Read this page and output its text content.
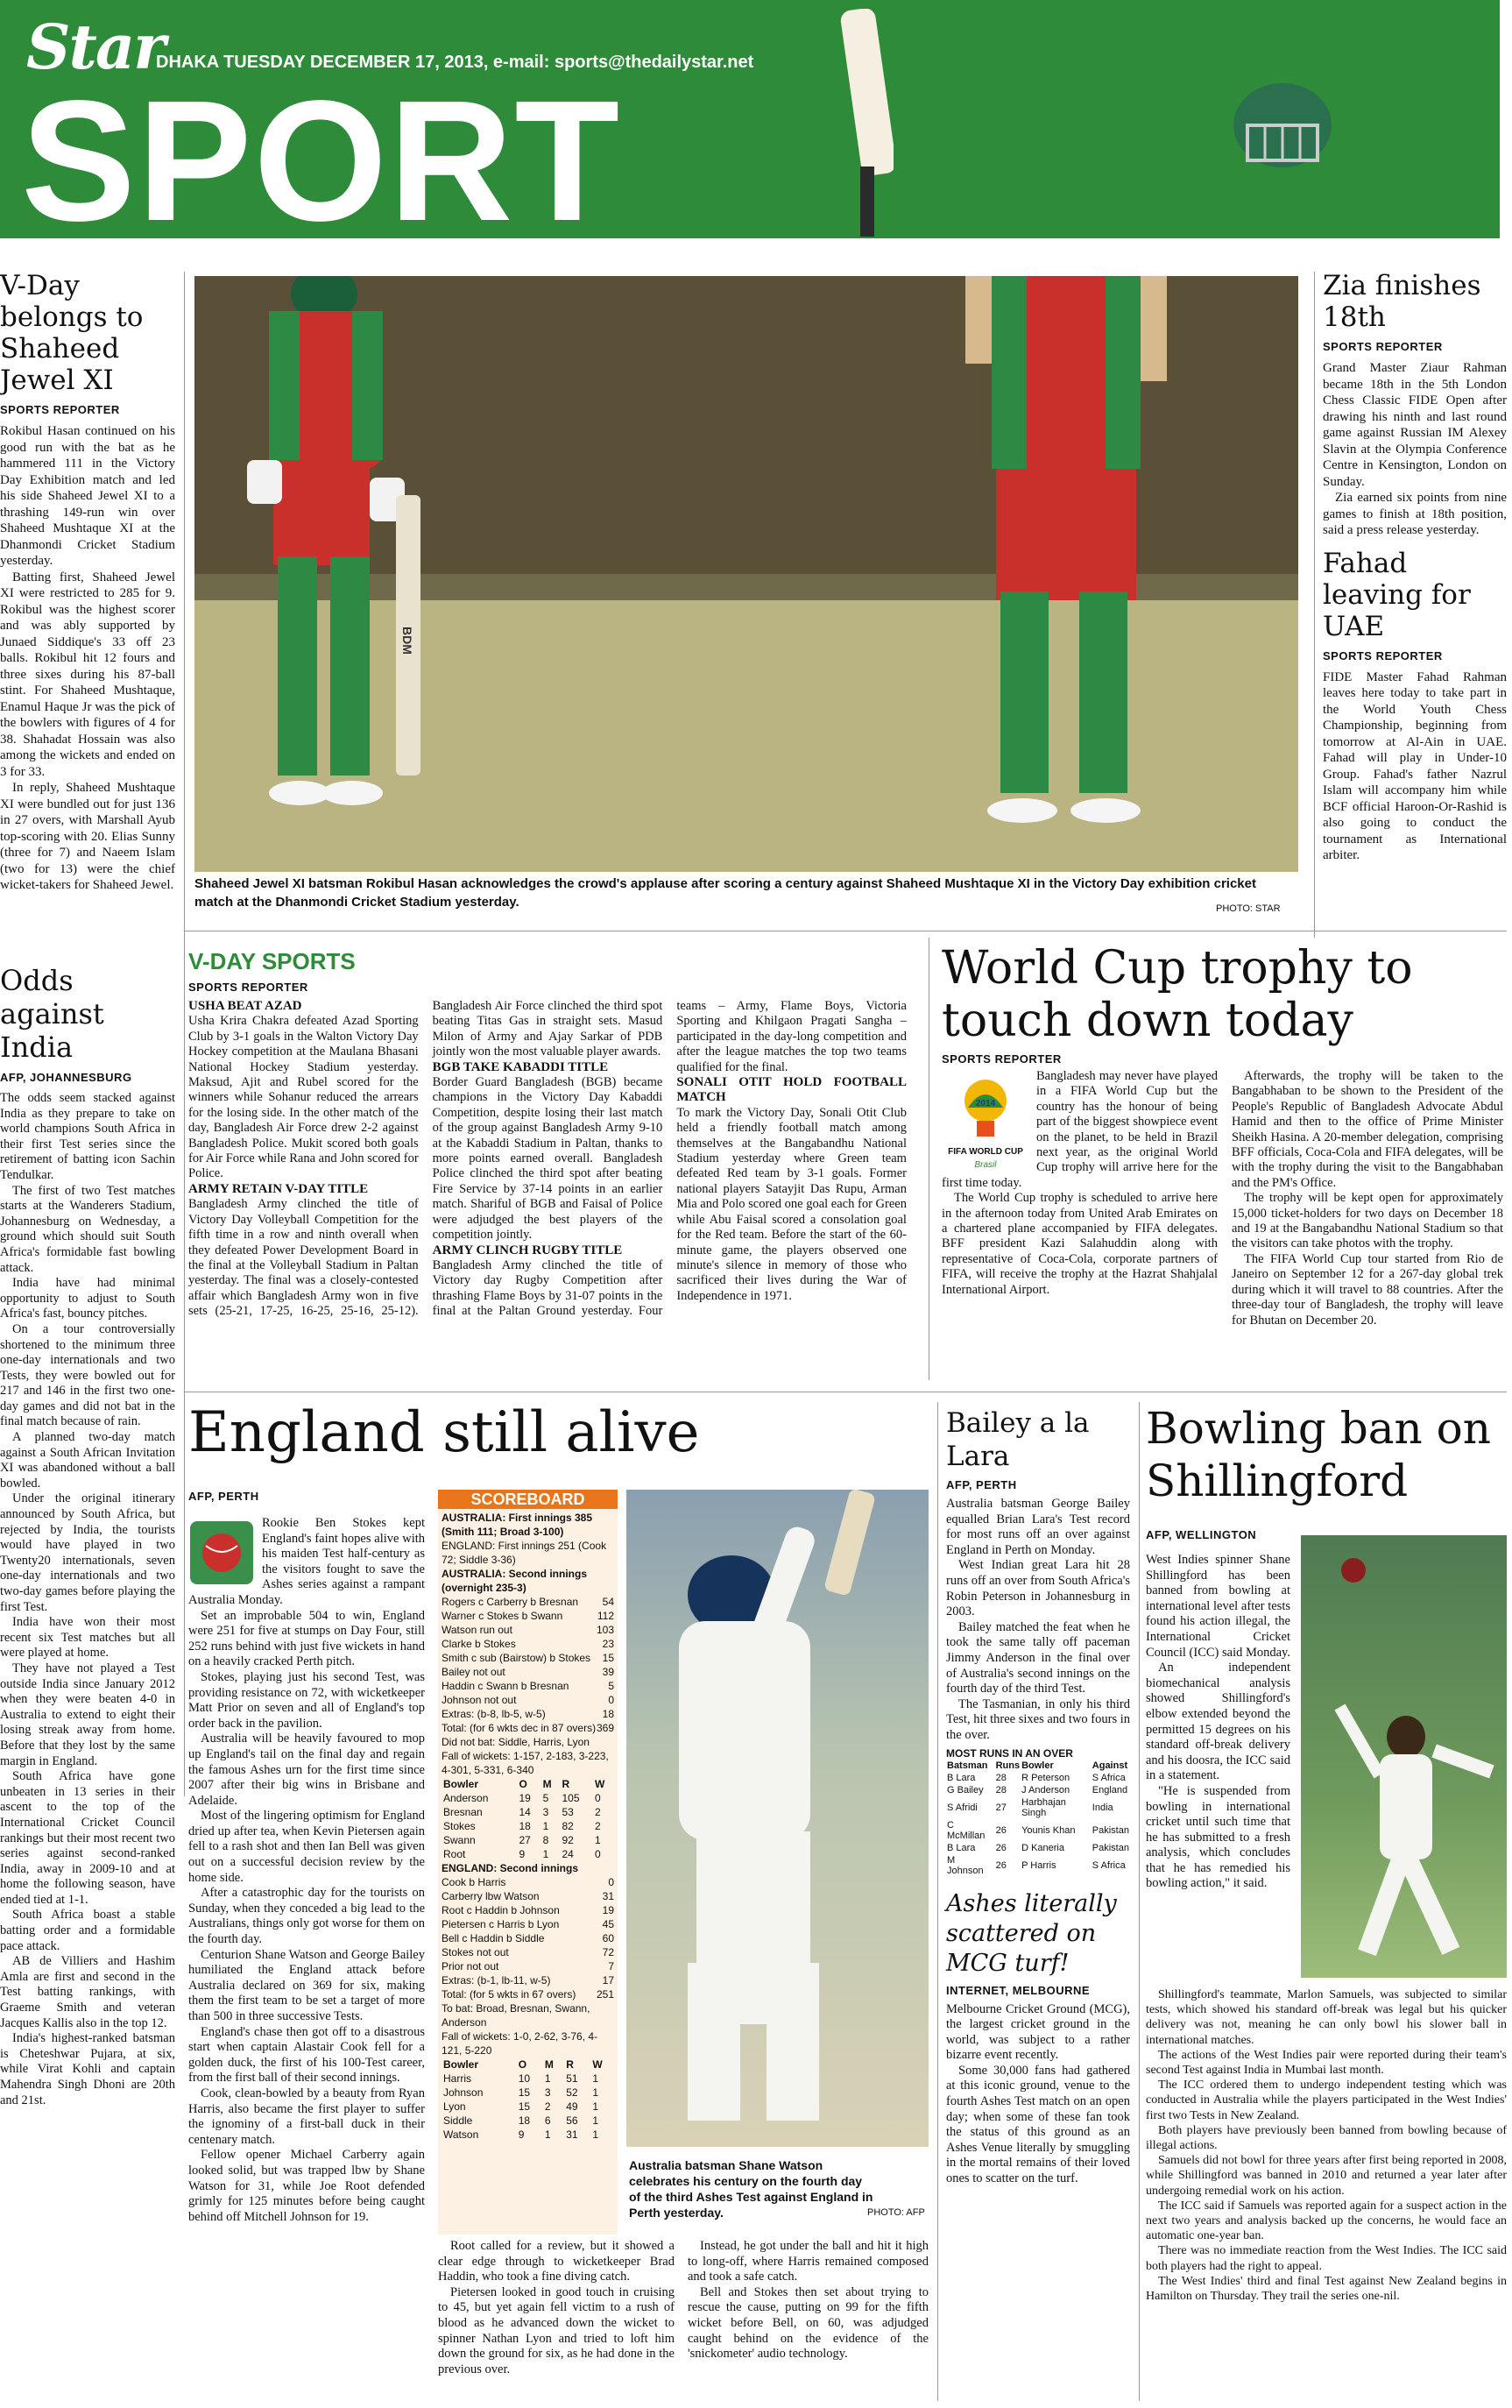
Star
DHAKA TUESDAY DECEMBER 17, 2013, e-mail: sports@thedailystar.net
SPORT
BDM
Shaheed Jewel XI batsman Rokibul Hasan acknowledges the crowd's applause after scoring a century against Shaheed Mushtaque XI in the Victory Day exhibition cricket match at the Dhanmondi Cricket Stadium yesterday.	PHOTO: STAR
V-Day belongs to Shaheed Jewel XI
SPORTS REPORTER

Rokibul Hasan continued on his good run with the bat as he hammered 111 in the Victory Day Exhibition match and led his side Shaheed Jewel XI to a thrashing 149-run win over Shaheed Mushtaque XI at the Dhanmondi Cricket Stadium yesterday.

Batting first, Shaheed Jewel XI were restricted to 285 for 9. Rokibul was the highest scorer and was ably supported by Junaed Siddique's 33 off 23 balls. Rokibul hit 12 fours and three sixes during his 87-ball stint. For Shaheed Mushtaque, Enamul Haque Jr was the pick of the bowlers with figures of 4 for 38. Shahadat Hossain was also among the wickets and ended on 3 for 33.

In reply, Shaheed Mushtaque XI were bundled out for just 136 in 27 overs, with Marshall Ayub top-scoring with 20. Elias Sunny (three for 7) and Naeem Islam (two for 13) were the chief wicket-takers for Shaheed Jewel.

Zia finishes 18th
SPORTS REPORTER

Grand Master Ziaur Rahman became 18th in the 5th London Chess Classic FIDE Open after drawing his ninth and last round game against Russian IM Alexey Slavin at the Olympia Conference Centre in Kensington, London on Sunday.

Zia earned six points from nine games to finish at 18th position, said a press release yesterday.

Fahad leaving for UAE
SPORTS REPORTER

FIDE Master Fahad Rahman leaves here today to take part in the World Youth Chess Championship, beginning from tomorrow at Al-Ain in UAE. Fahad will play in Under-10 Group. Fahad's father Nazrul Islam will accompany him while BCF official Haroon-Or-Rashid is also going to conduct the tournament as International arbiter.

Odds against India
AFP, JOHANNESBURG

The odds seem stacked against India as they prepare to take on world champions South Africa in their first Test series since the retirement of batting icon Sachin Tendulkar.

The first of two Test matches starts at the Wanderers Stadium, Johannesburg on Wednesday, a ground which should suit South Africa's formidable fast bowling attack.

India have had minimal opportunity to adjust to South Africa's fast, bouncy pitches.

On a tour controversially shortened to the minimum three one-day internationals and two Tests, they were bowled out for 217 and 146 in the first two one-day games and did not bat in the final match because of rain.

A planned two-day match against a South African Invitation XI was abandoned without a ball bowled.

Under the original itinerary announced by South Africa, but rejected by India, the tourists would have played in two Twenty20 internationals, seven one-day internationals and two two-day games before playing the first Test.

India have won their most recent six Test matches but all were played at home.

They have not played a Test outside India since January 2012 when they were beaten 4-0 in Australia to extend to eight their losing streak away from home. Before that they lost by the same margin in England.

South Africa have gone unbeaten in 13 series in their ascent to the top of the International Cricket Council rankings but their most recent two series against second-ranked India, away in 2009-10 and at home the following season, have ended tied at 1-1.

South Africa boast a stable batting order and a formidable pace attack.

AB de Villiers and Hashim Amla are first and second in the Test batting rankings, with Graeme Smith and veteran Jacques Kallis also in the top 12.

India's highest-ranked batsman is Cheteshwar Pujara, at six, while Virat Kohli and captain Mahendra Singh Dhoni are 20th and 21st.

V-DAY SPORTS
SPORTS REPORTER
USHA BEAT AZAD

Usha Krira Chakra defeated Azad Sporting Club by 3-1 goals in the Walton Victory Day Hockey competition at the Maulana Bhasani National Hockey Stadium yesterday. Maksud, Ajit and Rubel scored for the winners while Sohanur reduced the arrears for the losing side. In the other match of the day, Bangladesh Air Force drew 2-2 against Bangladesh Police. Mukit scored both goals for Air Force while Rana and John scored for Police.

ARMY RETAIN V-DAY TITLE

Bangladesh Army clinched the title of Victory Day Volleyball Competition for the fifth time in a row and ninth overall when they defeated Power Development Board in the final at the Volleyball Stadium in Paltan yesterday. The final was a closely-contested affair which Bangladesh Army won in five sets (25-21, 17-25, 16-25, 25-16, 25-12). Bangladesh Air Force clinched the third spot beating Titas Gas in straight sets. Masud Milon of Army and Ajay Sarkar of PDB jointly won the most valuable player awards.

BGB TAKE KABADDI TITLE

Border Guard Bangladesh (BGB) became champions in the Victory Day Kabaddi Competition, despite losing their last match of the group against Bangladesh Army 9-10 at the Kabaddi Stadium in Paltan, thanks to more points earned overall. Bangladesh Police clinched the third spot after beating Fire Service by 37-14 points in an earlier match. Shariful of BGB and Faisal of Police were adjudged the best players of the competition jointly.

ARMY CLINCH RUGBY TITLE

Bangladesh Army clinched the title of Victory day Rugby Competition after thrashing Flame Boys by 31-07 points in the final at the Paltan Ground yesterday. Four teams – Army, Flame Boys, Victoria Sporting and Khilgaon Pragati Sangha – participated in the day-long competition and after the league matches the top two teams qualified for the final.

SONALI OTIT HOLD FOOTBALL MATCH

To mark the Victory Day, Sonali Otit Club held a friendly football match among themselves at the Bangabandhu National Stadium yesterday where Green team defeated Red team by 3-1 goals. Former national players Satayjit Das Rupu, Arman Mia and Polo scored one goal each for Green while Abu Faisal scored a consolation goal for the Red team. Before the start of the 60-minute game, the players observed one minute's silence in memory of those who sacrificed their lives during the War of Independence in 1971.

World Cup trophy to touch down today
SPORTS REPORTER
2014
FIFA WORLD CUP
Brasil

Bangladesh may never have played in a FIFA World Cup but the country has the honour of being part of the biggest showpiece event on the planet, to be held in Brazil next year, as the original World Cup trophy will arrive here for the first time today.

The World Cup trophy is scheduled to arrive here in the afternoon today from United Arab Emirates on a chartered plane accompanied by FIFA delegates. BFF president Kazi Salahuddin along with representative of Coca-Cola, corporate partners of FIFA, will receive the trophy at the Hazrat Shahjalal International Airport.

Afterwards, the trophy will be taken to the Bangabhaban to be shown to the President of the People's Republic of Bangladesh Advocate Abdul Hamid and then to the office of Prime Minister Sheikh Hasina. A 20-member delegation, comprising BFF officials, Coca-Cola and FIFA delegates, will be with the trophy during the visit to the Bangabhaban and the PM's Office.

The trophy will be kept open for approximately 15,000 ticket-holders for two days on December 18 and 19 at the Bangabandhu National Stadium so that the visitors can take photos with the trophy.

The FIFA World Cup tour started from Rio de Janeiro on September 12 for a 267-day global trek during which it will travel to 88 countries. After the three-day tour of Bangladesh, the trophy will leave for Bhutan on December 20.

England still alive
AFP, PERTH

Rookie Ben Stokes kept England's faint hopes alive with his maiden Test half-century as the visitors fought to save the Ashes series against a rampant Australia Monday.

Set an improbable 504 to win, England were 251 for five at stumps on Day Four, still 252 runs behind with just five wickets in hand on a heavily cracked Perth pitch.

Stokes, playing just his second Test, was providing resistance on 72, with wicketkeeper Matt Prior on seven and all of England's top order back in the pavilion.

Australia will be heavily favoured to mop up England's tail on the final day and regain the famous Ashes urn for the first time since 2007 after their big wins in Brisbane and Adelaide.

Most of the lingering optimism for England dried up after tea, when Kevin Pietersen again fell to a rash shot and then Ian Bell was given out on a successful decision review by the home side.

After a catastrophic day for the tourists on Sunday, when they conceded a big lead to the Australians, things only got worse for them on the fourth day.

Centurion Shane Watson and George Bailey humiliated the England attack before Australia declared on 369 for six, making them the first team to be set a target of more than 500 in three successive Tests.

England's chase then got off to a disastrous start when captain Alastair Cook fell for a golden duck, the first of his 100-Test career, from the first ball of their second innings.

Cook, clean-bowled by a beauty from Ryan Harris, also became the first player to suffer the ignominy of a first-ball duck in their centenary match.

Fellow opener Michael Carberry again looked solid, but was trapped lbw by Shane Watson for 31, while Joe Root defended grimly for 125 minutes before being caught behind off Mitchell Johnson for 19.

SCOREBOARD
AUSTRALIA: First innings 385 (Smith 111; Broad 3-100)
ENGLAND: First innings 251 (Cook 72; Siddle 3-36)
AUSTRALIA: Second innings (overnight 235-3)
Rogers c Carberry b Bresnan 54
Warner c Stokes b Swann	112
Watson run out	103
Clarke b Stokes	23
Smith c sub (Bairstow) b Stokes 15
Bailey not out	39
Haddin c Swann b Bresnan	5
Johnson not out	0
Extras: (b-8, lb-5, w-5)	18
Total: (for 6 wkts dec in 87 overs) 369
Did not bat: Siddle, Harris, Lyon
Fall of wickets: 1-157, 2-183, 3-223, 4-301, 5-331, 6-340
Bowler	O	M	R	W
Anderson	19	5	105	0
Bresnan	14	3	53	2
Stokes	18	1	82	2
Swann	27	8	92	1
Root	9	1	24	0
ENGLAND: Second innings
Cook b Harris	0
Carberry lbw Watson	31
Root c Haddin b Johnson	19
Pietersen c Harris b Lyon	45
Bell c Haddin b Siddle	60
Stokes not out	72
Prior not out	7
Extras: (b-1, lb-11, w-5)	17
Total: (for 5 wkts in 67 overs) 251
To bat: Broad, Bresnan, Swann, Anderson
Fall of wickets: 1-0, 2-62, 3-76, 4-121, 5-220
Bowler	O	M	R	W
Harris	10	1	51	1
Johnson	15	3	52	1
Lyon	15	2	49	1
Siddle	18	6	56	1
Watson	9	1	31	1
Australia batsman Shane Watson celebrates his century on the fourth day of the third Ashes Test against England in Perth yesterday.	PHOTO: AFP

Root called for a review, but it showed a clear edge through to wicketkeeper Brad Haddin, who took a fine diving catch.

Pietersen looked in good touch in cruising to 45, but yet again fell victim to a rush of blood as he advanced down the wicket to spinner Nathan Lyon and tried to loft him down the ground for six, as he had done in the previous over.

Instead, he got under the ball and hit it high to long-off, where Harris remained composed and took a safe catch.

Bell and Stokes then set about trying to rescue the cause, putting on 99 for the fifth wicket before Bell, on 60, was adjudged caught behind on the evidence of the 'snickometer' audio technology.

Bailey a la Lara
AFP, PERTH

Australia batsman George Bailey equalled Brian Lara's Test record for most runs off an over against England in Perth on Monday.

West Indian great Lara hit 28 runs off an over from South Africa's Robin Peterson in Johannesburg in 2003.

Bailey matched the feat when he took the same tally off paceman Jimmy Anderson in the final over of Australia's second innings on the fourth day of the third Test.

The Tasmanian, in only his third Test, hit three sixes and two fours in the over.

MOST RUNS IN AN OVER
Batsman	Runs	Bowler	Against
B Lara	28	R Peterson	S Africa
G Bailey	28	J Anderson	England
S Afridi	27	Harbhajan Singh	India
C McMillan	26	Younis Khan	Pakistan
B Lara	26	D Kaneria	Pakistan
M Johnson	26	P Harris	S Africa
Ashes literally scattered on MCG turf!
INTERNET, MELBOURNE

Melbourne Cricket Ground (MCG), the largest cricket ground in the world, was subject to a rather bizarre event recently.

Some 30,000 fans had gathered at this iconic ground, venue to the fourth Ashes Test match on an open day; when some of these fan took the status of this ground as an Ashes Venue literally by smuggling in the mortal remains of their loved ones to scatter on the turf.

Bowling ban on Shillingford
AFP, WELLINGTON

West Indies spinner Shane Shillingford has been banned from bowling at international level after tests found his action illegal, the International Cricket Council (ICC) said Monday.

An independent biomechanical analysis showed Shillingford's elbow extended beyond the permitted 15 degrees on his standard off-break delivery and his doosra, the ICC said in a statement.

"He is suspended from bowling in international cricket until such time that he has submitted to a fresh analysis, which concludes that he has remedied his bowling action," it said.

Shillingford's teammate, Marlon Samuels, was subjected to similar tests, which showed his standard off-break was legal but his quicker delivery was not, meaning he can only bowl his slower ball in international matches.

The actions of the West Indies pair were reported during their team's second Test against India in Mumbai last month.

The ICC ordered them to undergo independent testing which was conducted in Australia while the players participated in the West Indies' first two Tests in New Zealand.

Both players have previously been banned from bowling because of illegal actions.

Samuels did not bowl for three years after first being reported in 2008, while Shillingford was banned in 2010 and returned a year later after undergoing remedial work on his action.

The ICC said if Samuels was reported again for a suspect action in the next two years and analysis backed up the concerns, he would face an automatic one-year ban.

There was no immediate reaction from the West Indies. The ICC said both players had the right to appeal.

The West Indies' third and final Test against New Zealand begins in Hamilton on Thursday. They trail the series one-nil.
